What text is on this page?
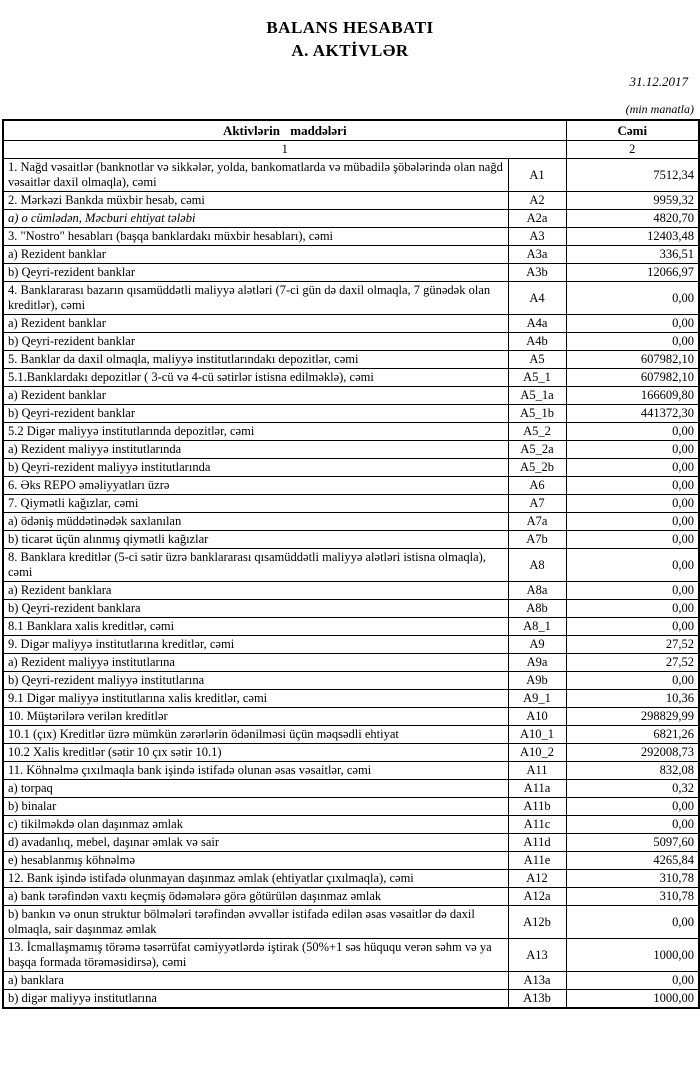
BALANS HESABATI
A. AKTİVLƏR
31.12.2017
(min manatla)
Aktivlərin maddələri		Cəmi
1		2
1. Nağd vəsaitlər (banknotlar və sikkələr, yolda, bankomatlarda və mübadilə şöbələrində olan nağd vəsaitlər daxil olmaqla), cəmi	A1	7512,34
2. Mərkəzi Bankda müxbir hesab, cəmi	A2	9959,32
a) o cümlədən, Məcburi ehtiyat tələbi	A2a	4820,70
3. "Nostro" hesabları (başqa banklardakı müxbir hesabları), cəmi	A3	12403,48
a) Rezident banklar	A3a	336,51
b) Qeyri-rezident banklar	A3b	12066,97
4. Banklararası bazarın qısamüddətli maliyyə alətləri (7-ci gün də daxil olmaqla, 7 günədək olan kreditlər), cəmi	A4	0,00
a) Rezident banklar	A4a	0,00
b) Qeyri-rezident banklar	A4b	0,00
5. Banklar da daxil olmaqla, maliyyə institutlarındakı depozitlər, cəmi	A5	607982,10
5.1.Banklardakı depozitlər ( 3-cü və 4-cü sətirlər istisna edilməklə), cəmi	A5_1	607982,10
a) Rezident banklar	A5_1a	166609,80
b) Qeyri-rezident banklar	A5_1b	441372,30
5.2 Digər maliyyə institutlarında depozitlər, cəmi	A5_2	0,00
a) Rezident maliyyə institutlarında	A5_2a	0,00
b) Qeyri-rezident maliyyə institutlarında	A5_2b	0,00
6. Əks REPO əməliyyatları üzrə	A6	0,00
7. Qiymətli kağızlar, cəmi	A7	0,00
a) ödəniş müddətinədək saxlanılan	A7a	0,00
b) ticarət üçün alınmış qiymətli kağızlar	A7b	0,00
8. Banklara kreditlər (5-ci sətir üzrə banklararası qısamüddətli maliyyə alətləri istisna olmaqla), cəmi	A8	0,00
a) Rezident banklara	A8a	0,00
b) Qeyri-rezident banklara	A8b	0,00
8.1 Banklara xalis kreditlər, cəmi	A8_1	0,00
9. Digər maliyyə institutlarına kreditlər, cəmi	A9	27,52
a) Rezident maliyyə institutlarına	A9a	27,52
b) Qeyri-rezident maliyyə institutlarına	A9b	0,00
9.1 Digər maliyyə institutlarına xalis kreditlər, cəmi	A9_1	10,36
10. Müştərilərə verilən kreditlər	A10	298829,99
10.1 (çıx) Kreditlər üzrə mümkün zərərlərin ödənilməsi üçün məqsədli ehtiyat	A10_1	6821,26
10.2 Xalis kreditlər (sətir 10 çıx sətir 10.1)	A10_2	292008,73
11. Köhnəlmə çıxılmaqla bank işində istifadə olunan əsas vəsaitlər, cəmi	A11	832,08
a) torpaq	A11a	0,32
b) binalar	A11b	0,00
c) tikilməkdə olan daşınmaz əmlak	A11c	0,00
d) avadanlıq, mebel, daşınar əmlak və sair	A11d	5097,60
e) hesablanmış köhnəlmə	A11e	4265,84
12. Bank işində istifadə olunmayan daşınmaz əmlak (ehtiyatlar çıxılmaqla), cəmi	A12	310,78
a) bank tərəfindən vaxtı keçmiş ödəmələrə görə götürülən daşınmaz əmlak	A12a	310,78
b) bankın və onun struktur bölmələri tərəfindən əvvəllər istifadə edilən əsas vəsaitlər də daxil olmaqla, sair daşınmaz əmlak	A12b	0,00
13. İcmallaşmamış törəmə təsərrüfat cəmiyyətlərdə iştirak (50%+1 səs hüququ verən səhm və ya başqa formada törəməsidirsə), cəmi	A13	1000,00
a) banklara	A13a	0,00
b) digər maliyyə institutlarına	A13b	1000,00
